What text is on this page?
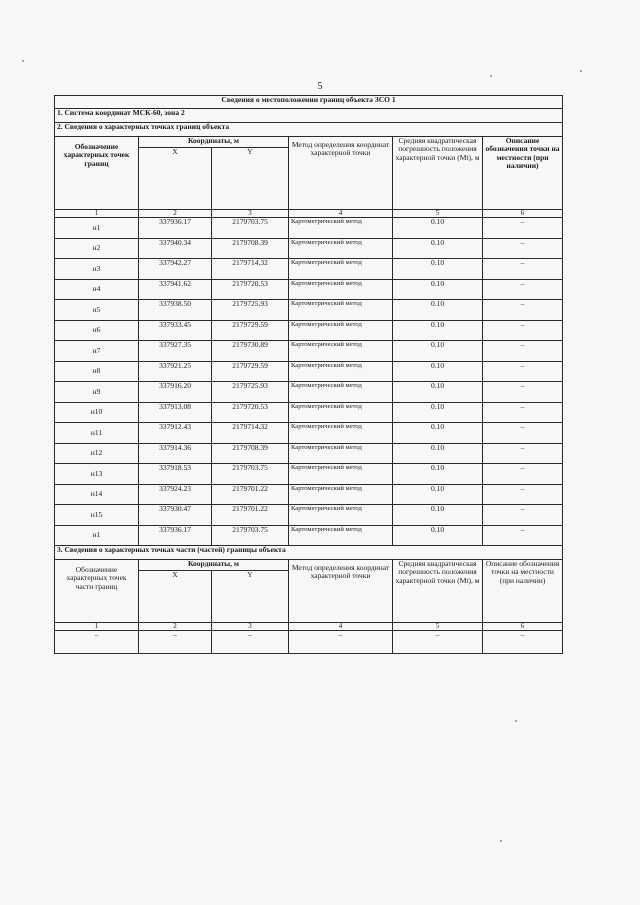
5
Сведения о местоположении границ объекта ЗСО 1					
1. Система координат МСК-60, зона 2					
2. Сведения о характерных точках границ объекта					
Обозначение характерных точек границ	Координаты, м		Метод определения координат характерной точки	Средняя квадратическая погрешность положения характерной точки (Mt), м	Описание обозначения точки на местности (при наличии)
	X	Y			
1	2	3	4	5	6
н1	337936.17	2179703.75	Картометрический метод	0.10	–
н2	337940.34	2179708.39	Картометрический метод	0.10	–
н3	337942.27	2179714.32	Картометрический метод	0.10	–
н4	337941.62	2179720.53	Картометрический метод	0.10	–
н5	337938.50	2179725.93	Картометрический метод	0.10	–
н6	337933.45	2179729.59	Картометрический метод	0.10	–
н7	337927.35	2179730.89	Картометрический метод	0.10	–
н8	337921.25	2179729.59	Картометрический метод	0.10	–
н9	337916.20	2179725.93	Картометрический метод	0.10	–
н10	337913.08	2179720.53	Картометрический метод	0.10	–
н11	337912.43	2179714.32	Картометрический метод	0.10	–
н12	337914.36	2179708.39	Картометрический метод	0.10	–
н13	337918.53	2179703.75	Картометрический метод	0.10	–
н14	337924.23	2179701.22	Картометрический метод	0.10	–
н15	337930.47	2179701.22	Картометрический метод	0.10	–
н1	337936.17	2179703.75	Картометрический метод	0.10	–
3. Сведения о характерных точках части (частей) границы объекта					
Обозначение характерных точек части границ	Координаты, м		Метод определения координат характерной точки	Средняя квадратическая погрешность положения характерной точки (Mt), м	Описание обозначения точки на местности (при наличии)
	X	Y			
1	2	3	4	5	6
–	–	–	–	–	–
